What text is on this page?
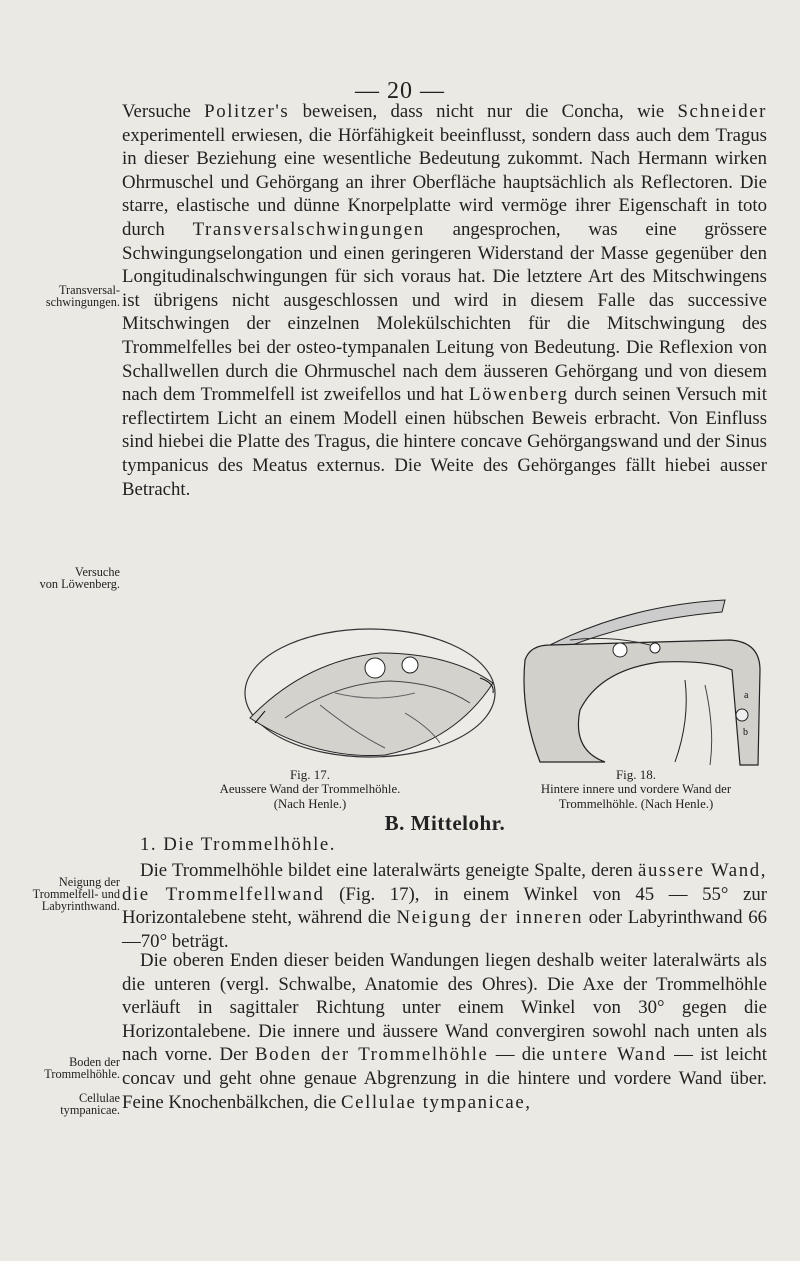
— 20 —

Versuche Politzer's beweisen, dass nicht nur die Concha, wie Schneider experimentell erwiesen, die Hörfähigkeit beeinflusst, sondern dass auch dem Tragus in dieser Beziehung eine wesentliche Bedeutung zukommt. Nach Hermann wirken Ohrmuschel und Gehörgang an ihrer Oberfläche hauptsächlich als Reflectoren. Die starre, elastische und dünne Knorpelplatte wird vermöge ihrer Eigenschaft in toto durch Transversalschwingungen angesprochen, was eine grössere Schwingungselongation und einen geringeren Widerstand der Masse gegenüber den Longitudinalschwingungen für sich voraus hat. Die letztere Art des Mitschwingens ist übrigens nicht ausgeschlossen und wird in diesem Falle das successive Mitschwingen der einzelnen Molekülschichten für die Mitschwingung des Trommelfelles bei der osteo-tympanalen Leitung von Bedeutung. Die Reflexion von Schallwellen durch die Ohrmuschel nach dem äusseren Gehörgang und von diesem nach dem Trommelfell ist zweifellos und hat Löwenberg durch seinen Versuch mit reflectirtem Licht an einem Modell einen hübschen Beweis erbracht. Von Einfluss sind hiebei die Platte des Tragus, die hintere concave Gehörgangswand und der Sinus tympanicus des Meatus externus. Die Weite des Gehörganges fällt hiebei ausser Betracht.

Transversal-
schwingungen.

Versuche
von Löwenberg.

Fig. 17.
Aeussere Wand der Trommelhöhle.
(Nach Henle.)
a
b
Fig. 18.
Hintere innere und vordere Wand der
Trommelhöhle. (Nach Henle.)
B. Mittelohr.
1. Die Trommelhöhle.

Die Trommelhöhle bildet eine lateralwärts geneigte Spalte, deren äussere Wand, die Trommelfellwand (Fig. 17), in einem Winkel von 45 — 55° zur Horizontalebene steht, während die Neigung der inneren oder Labyrinthwand 66—70° beträgt.

Neigung der
Trommelfell- und
Labyrinthwand.

Die oberen Enden dieser beiden Wandungen liegen deshalb weiter lateralwärts als die unteren (vergl. Schwalbe, Anatomie des Ohres). Die Axe der Trommelhöhle verläuft in sagittaler Richtung unter einem Winkel von 30° gegen die Horizontalebene. Die innere und äussere Wand convergiren sowohl nach unten als nach vorne. Der Boden der Trommelhöhle — die untere Wand — ist leicht concav und geht ohne genaue Abgrenzung in die hintere und vordere Wand über. Feine Knochenbälkchen, die Cellulae tympanicae,

Boden der
Trommelhöhle.

Cellulae
tympanicae.
